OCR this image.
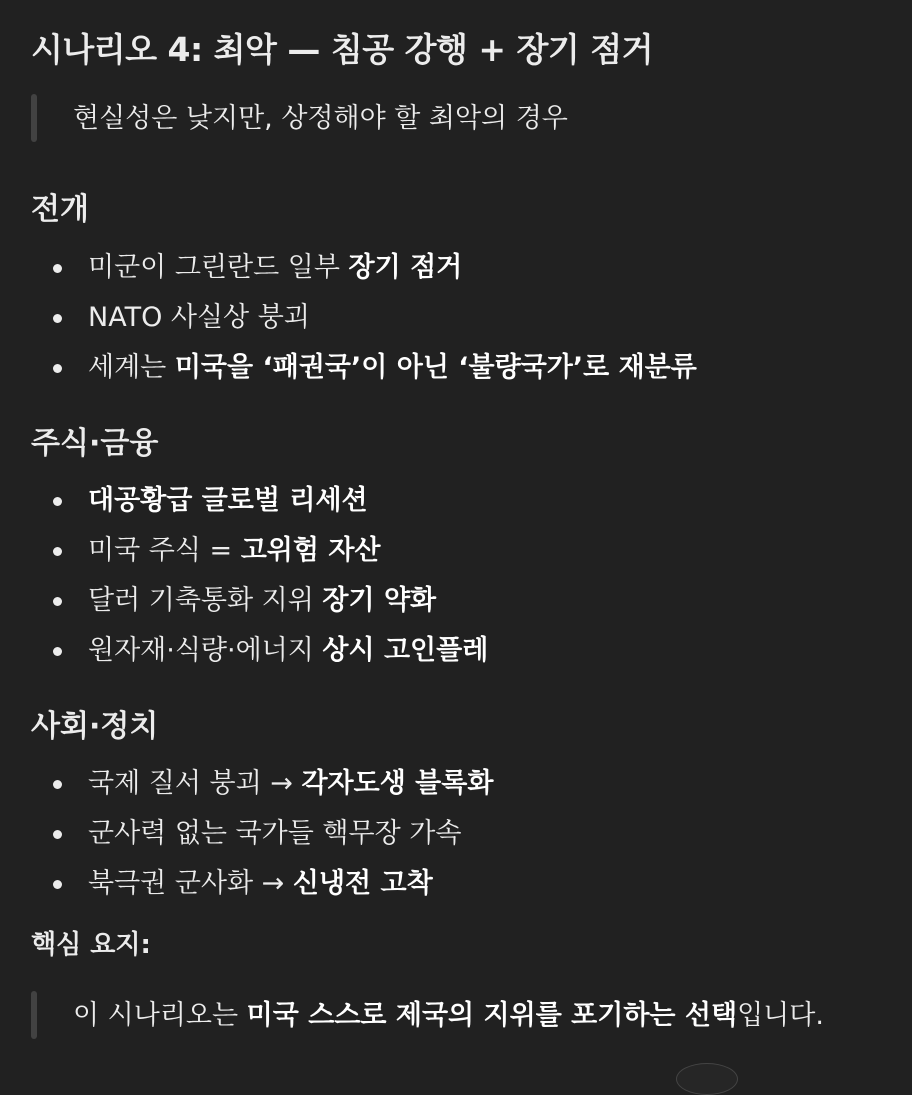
시나리오 4: 최악 — 침공 강행 + 장기 점거
현실성은 낮지만, 상정해야 할 최악의 경우
전개
미군이 그린란드 일부 장기 점거
NATO 사실상 붕괴
세계는 미국을 ‘패권국’이 아닌 ‘불량국가’로 재분류
주식·금융
대공황급 글로벌 리세션
미국 주식 = 고위험 자산
달러 기축통화 지위 장기 약화
원자재·식량·에너지 상시 고인플레
사회·정치
국제 질서 붕괴 → 각자도생 블록화
군사력 없는 국가들 핵무장 가속
북극권 군사화 → 신냉전 고착

핵심 요지:

이 시나리오는 미국 스스로 제국의 지위를 포기하는 선택입니다.
